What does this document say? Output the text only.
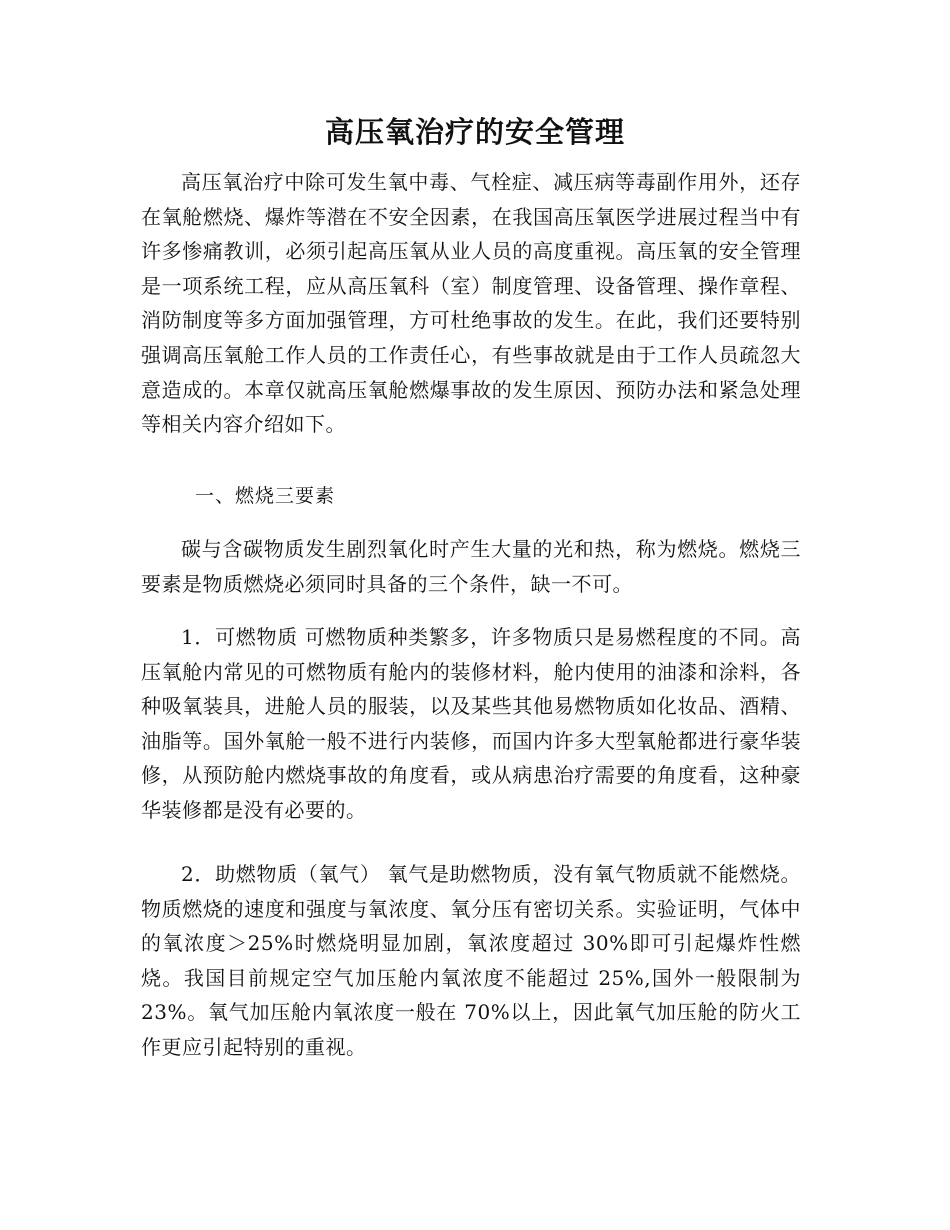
高压氧治疗的安全管理

高压氧治疗中除可发生氧中毒、气栓症、减压病等毒副作用外，还存在氧舱燃烧、爆炸等潜在不安全因素，在我国高压氧医学进展过程当中有许多惨痛教训，必须引起高压氧从业人员的高度重视。高压氧的安全管理是一项系统工程，应从高压氧科（室）制度管理、设备管理、操作章程、消防制度等多方面加强管理，方可杜绝事故的发生。在此，我们还要特别强调高压氧舱工作人员的工作责任心，有些事故就是由于工作人员疏忽大意造成的。本章仅就高压氧舱燃爆事故的发生原因、预防办法和紧急处理等相关内容介绍如下。

一、燃烧三要素

碳与含碳物质发生剧烈氧化时产生大量的光和热，称为燃烧。燃烧三要素是物质燃烧必须同时具备的三个条件，缺一不可。

1．可燃物质 可燃物质种类繁多，许多物质只是易燃程度的不同。高压氧舱内常见的可燃物质有舱内的装修材料，舱内使用的油漆和涂料，各种吸氧装具，进舱人员的服装，以及某些其他易燃物质如化妆品、酒精、油脂等。国外氧舱一般不进行内装修，而国内许多大型氧舱都进行豪华装修，从预防舱内燃烧事故的角度看，或从病患治疗需要的角度看，这种豪华装修都是没有必要的。

2．助燃物质（氧气） 氧气是助燃物质，没有氧气物质就不能燃烧。物质燃烧的速度和强度与氧浓度、氧分压有密切关系。实验证明，气体中的氧浓度＞25%时燃烧明显加剧，氧浓度超过 30%即可引起爆炸性燃烧。我国目前规定空气加压舱内氧浓度不能超过 25%,国外一般限制为 23%。氧气加压舱内氧浓度一般在 70%以上，因此氧气加压舱的防火工作更应引起特别的重视。
